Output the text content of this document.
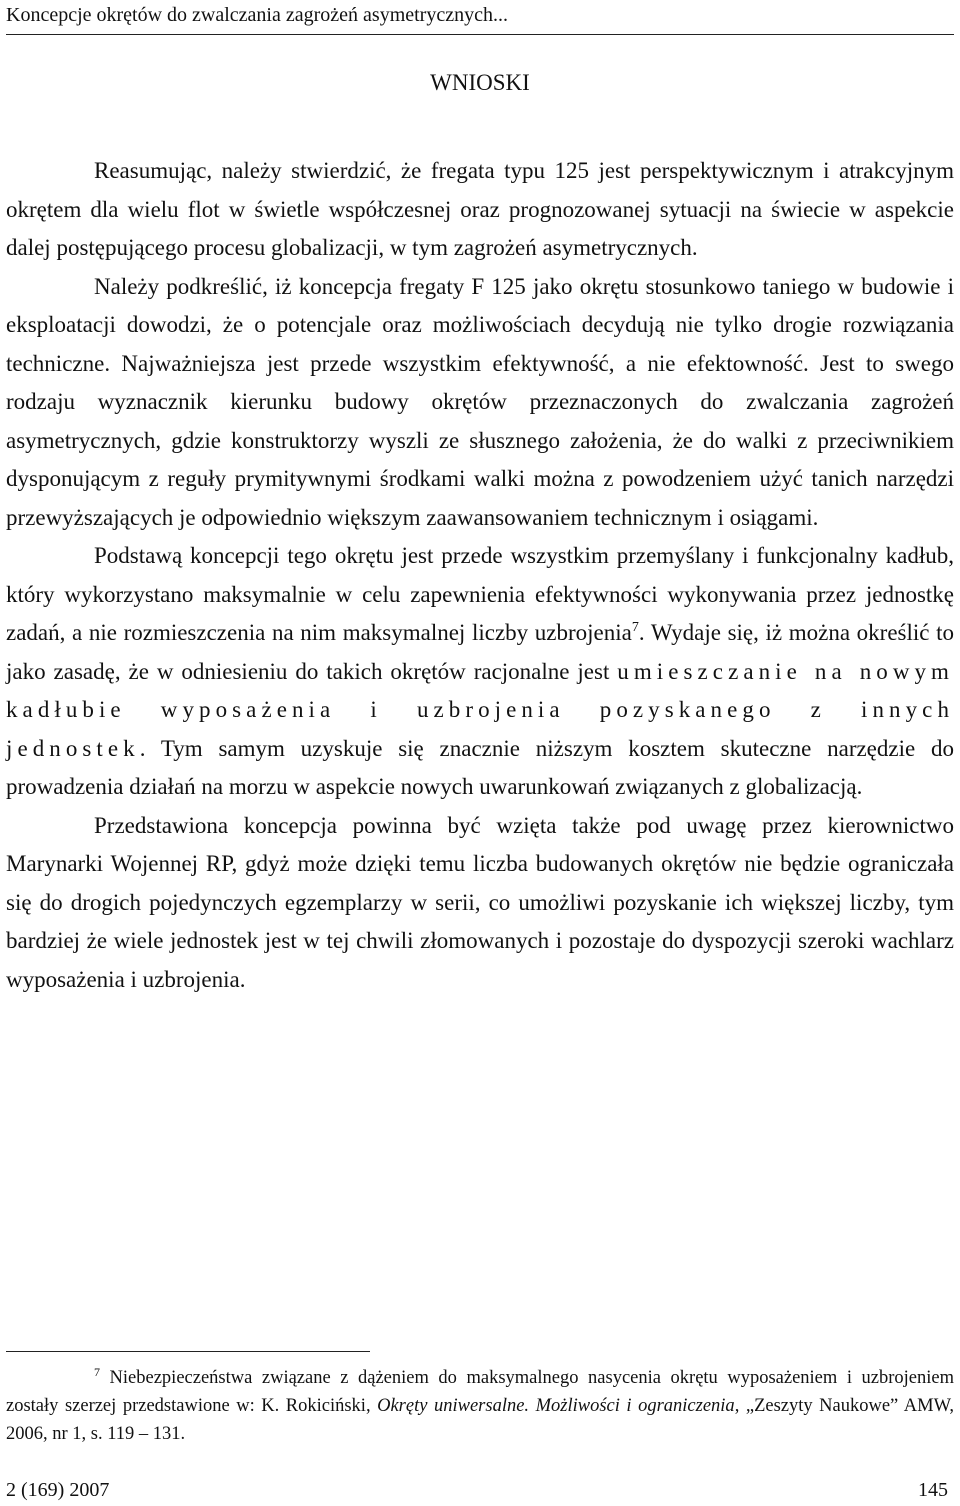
Koncepcje okrętów do zwalczania zagrożeń asymetrycznych...
WNIOSKI

Reasumując, należy stwierdzić, że fregata typu 125 jest perspektywicznym i atrakcyjnym okrętem dla wielu flot w świetle współczesnej oraz prognozowanej sytuacji na świecie w aspekcie dalej postępującego procesu globalizacji, w tym zagrożeń asymetrycznych.

Należy podkreślić, iż koncepcja fregaty F 125 jako okrętu stosunkowo taniego w budowie i eksploatacji dowodzi, że o potencjale oraz możliwościach decydują nie tylko drogie rozwiązania techniczne. Najważniejsza jest przede wszystkim efektywność, a nie efektowność. Jest to swego rodzaju wyznacznik kierunku budowy okrętów przeznaczonych do zwalczania zagrożeń asymetrycznych, gdzie konstruktorzy wyszli ze słusznego założenia, że do walki z przeciwnikiem dysponującym z reguły prymitywnymi środkami walki można z powodzeniem użyć tanich narzędzi przewyższających je odpowiednio większym zaawansowaniem technicznym i osiągami.

Podstawą koncepcji tego okrętu jest przede wszystkim przemyślany i funkcjonalny kadłub, który wykorzystano maksymalnie w celu zapewnienia efektywności wykonywania przez jednostkę zadań, a nie rozmieszczenia na nim maksymalnej liczby uzbrojenia$^7$. Wydaje się, iż można określić to jako zasadę, że w odniesieniu do takich okrętów racjonalne jest umieszczanie na nowym kadłubie wyposażenia i uzbrojenia pozyskanego z innych jednostek. Tym samym uzyskuje się znacznie niższym kosztem skuteczne narzędzie do prowadzenia działań na morzu w aspekcie nowych uwarunkowań związanych z globalizacją.

Przedstawiona koncepcja powinna być wzięta także pod uwagę przez kierownictwo Marynarki Wojennej RP, gdyż może dzięki temu liczba budowanych okrętów nie będzie ograniczała się do drogich pojedynczych egzemplarzy w serii, co umożliwi pozyskanie ich większej liczby, tym bardziej że wiele jednostek jest w tej chwili złomowanych i pozostaje do dyspozycji szeroki wachlarz wyposażenia i uzbrojenia.

$^7$ Niebezpieczeństwa związane z dążeniem do maksymalnego nasycenia okrętu wyposażeniem i uzbrojeniem zostały szerzej przedstawione w: K. Rokiciński, Okręty uniwersalne. Możliwości i ograniczenia, „Zeszyty Naukowe” AMW, 2006, nr 1, s. 119 – 131.
2 (169) 2007	145
